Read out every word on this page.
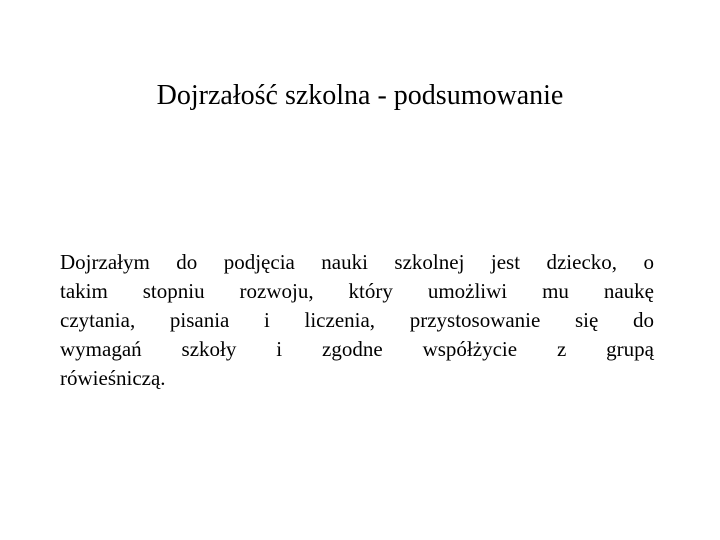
Dojrzałość szkolna - podsumowanie

Dojrzałym do podjęcia nauki szkolnej jest dziecko, o
takim stopniu rozwoju, który umożliwi mu naukę
czytania, pisania i liczenia, przystosowanie się do
wymagań szkoły i zgodne współżycie z grupą
rówieśniczą.
